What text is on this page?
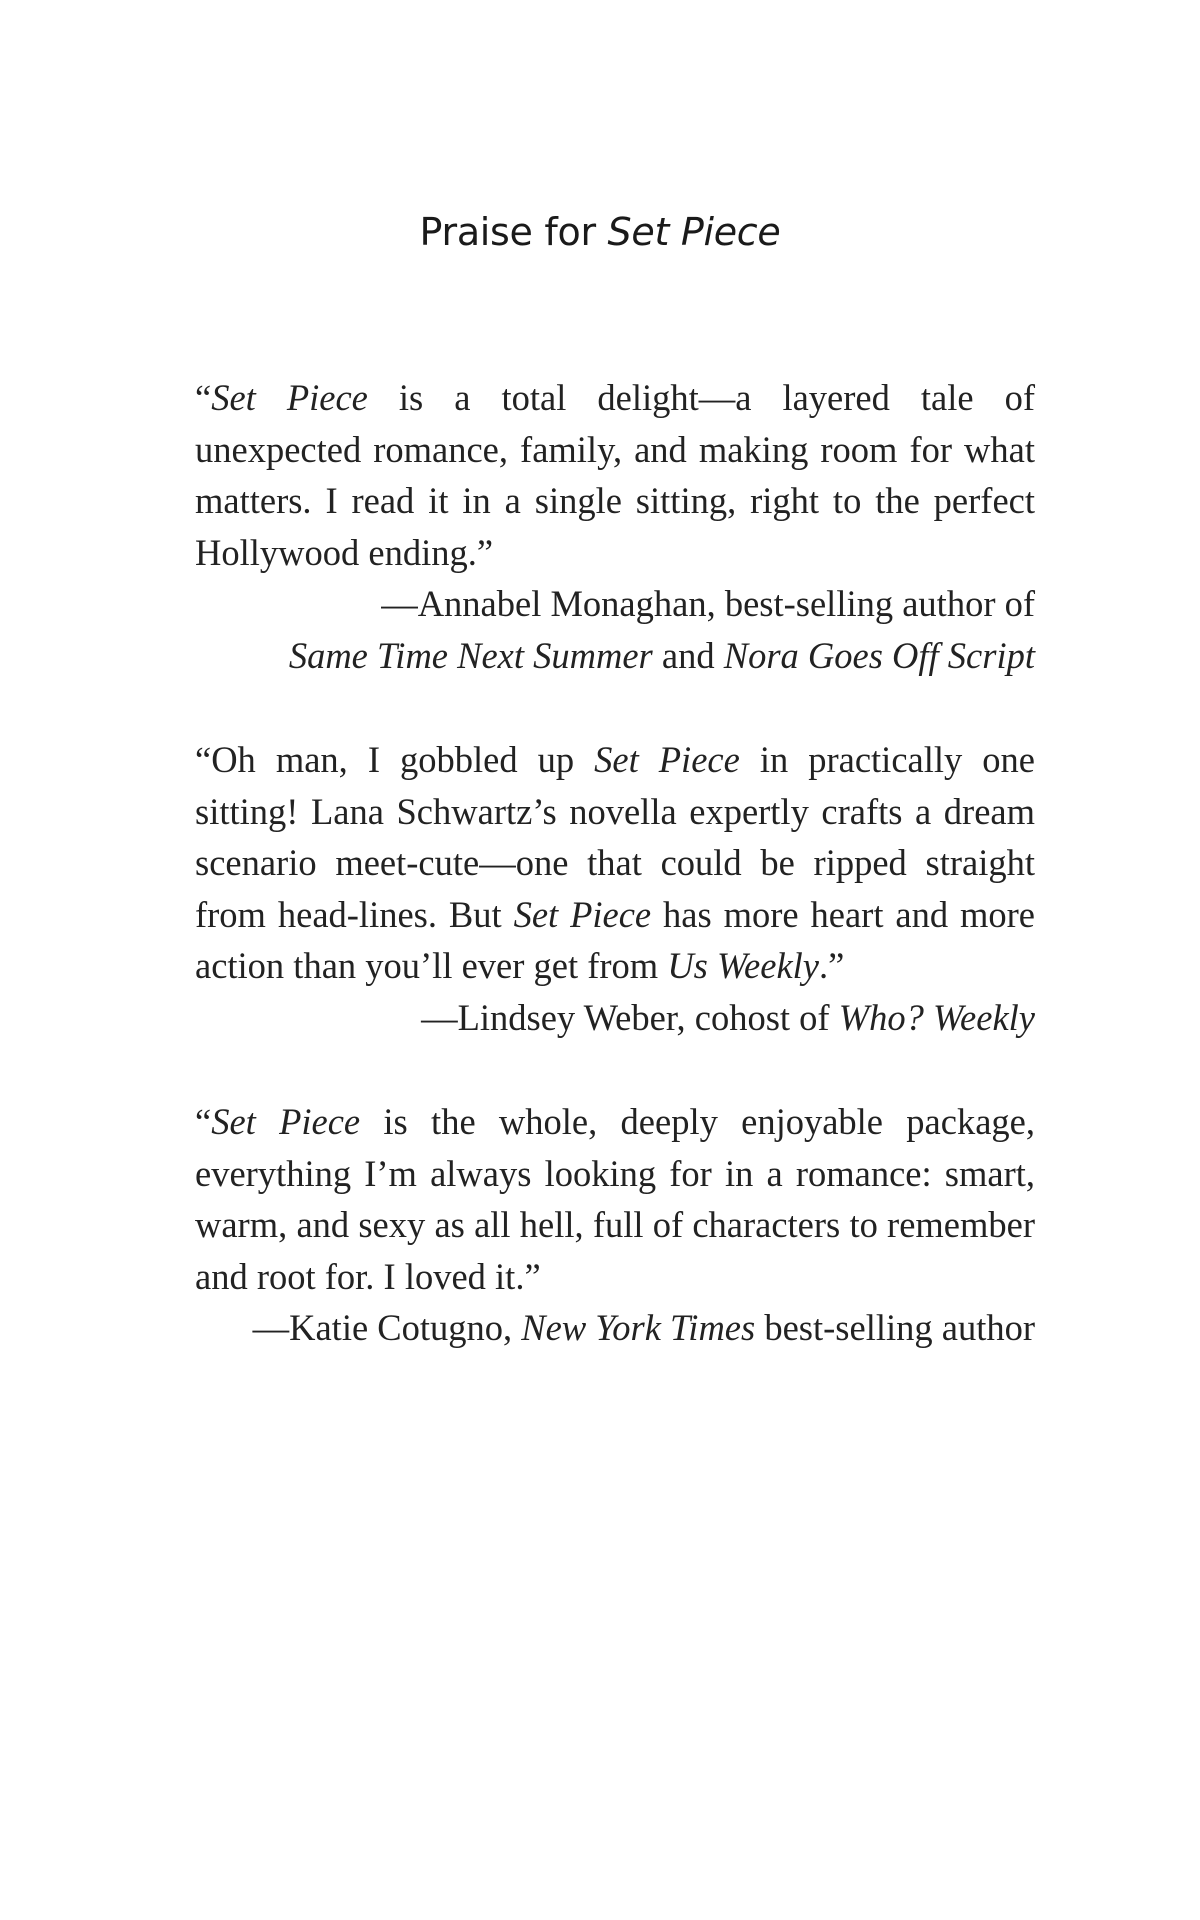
Praise for Set Piece

“Set Piece is a total delight—a layered tale of unexpected romance, family, and making room for what matters. I read it in a single sitting, right to the perfect Hollywood ending.”

—Annabel Monaghan, best-selling author of
Same Time Next Summer and Nora Goes Off Script

“Oh man, I gobbled up Set Piece in practically one sitting! Lana Schwartz’s novella expertly crafts a dream scenario meet-cute—one that could be ripped straight from head-lines. But Set Piece has more heart and more action than you’ll ever get from Us Weekly.”

—Lindsey Weber, cohost of Who? Weekly

“Set Piece is the whole, deeply enjoyable package, everything I’m always looking for in a romance: smart, warm, and sexy as all hell, full of characters to remember and root for. I loved it.”

—Katie Cotugno, New York Times best-selling author
